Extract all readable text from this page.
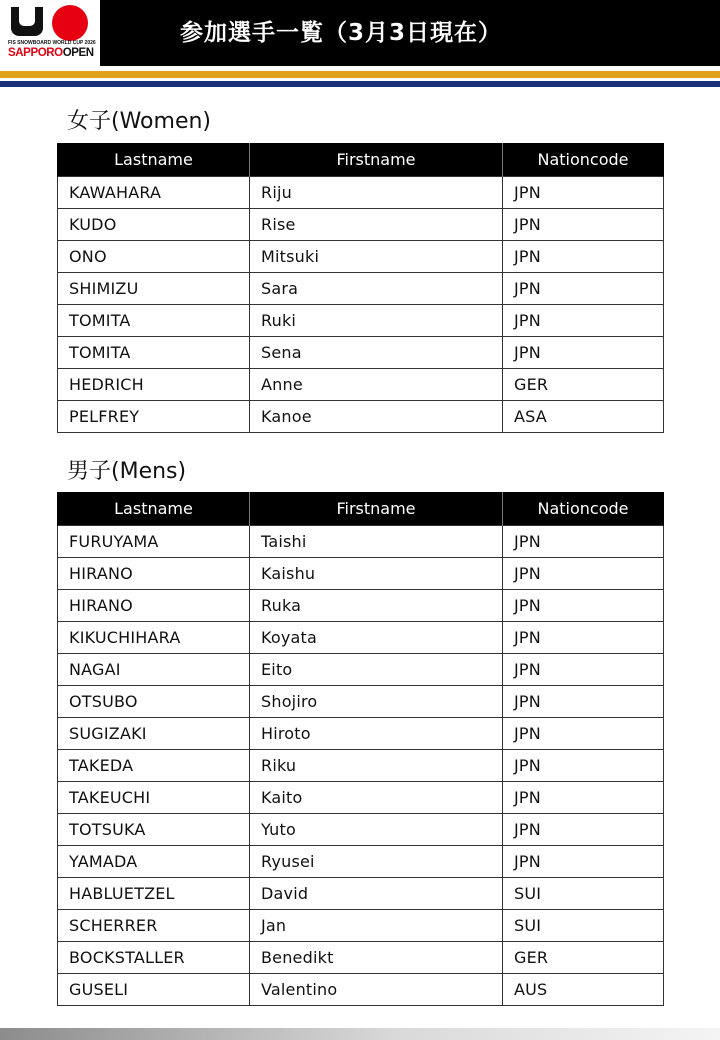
FIS SNOWBOARD WORLD CUP 2026
SAPPOROOPEN
参加選手一覧（3月3日現在）
女子(Women)
Lastname	Firstname	Nationcode
KAWAHARA	Riju	JPN
KUDO	Rise	JPN
ONO	Mitsuki	JPN
SHIMIZU	Sara	JPN
TOMITA	Ruki	JPN
TOMITA	Sena	JPN
HEDRICH	Anne	GER
PELFREY	Kanoe	ASA
男子(Mens)
Lastname	Firstname	Nationcode
FURUYAMA	Taishi	JPN
HIRANO	Kaishu	JPN
HIRANO	Ruka	JPN
KIKUCHIHARA	Koyata	JPN
NAGAI	Eito	JPN
OTSUBO	Shojiro	JPN
SUGIZAKI	Hiroto	JPN
TAKEDA	Riku	JPN
TAKEUCHI	Kaito	JPN
TOTSUKA	Yuto	JPN
YAMADA	Ryusei	JPN
HABLUETZEL	David	SUI
SCHERRER	Jan	SUI
BOCKSTALLER	Benedikt	GER
GUSELI	Valentino	AUS
